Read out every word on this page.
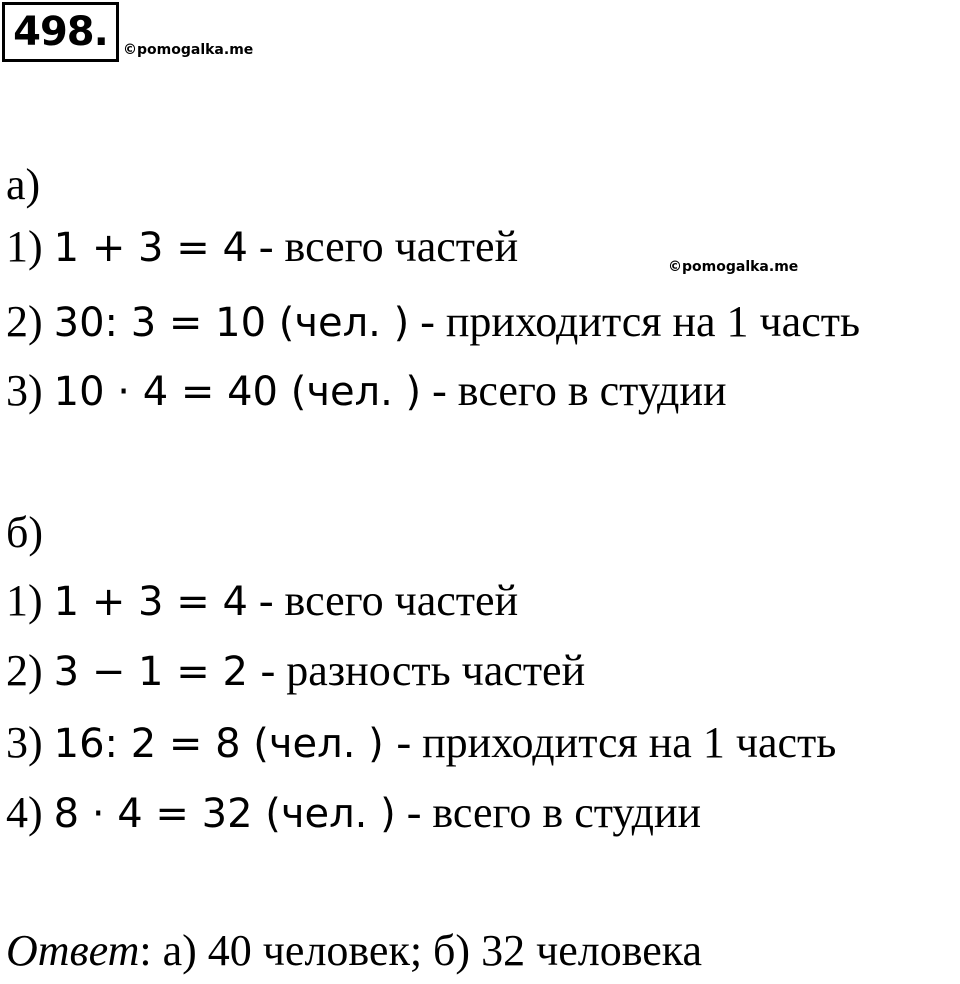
498.	©pomogalka.me
©pomogalka.me
а)
1) 1 + 3 = 4 - всего частей
2) 30: 3 = 10 (чел. ) - приходится на 1 часть
3) 10 · 4 = 40 (чел. ) - всего в студии
б)
1) 1 + 3 = 4 - всего частей
2) 3 − 1 = 2 - разность частей
3) 16: 2 = 8 (чел. ) - приходится на 1 часть
4) 8 · 4 = 32 (чел. ) - всего в студии
Ответ: а) 40 человек; б) 32 человека
